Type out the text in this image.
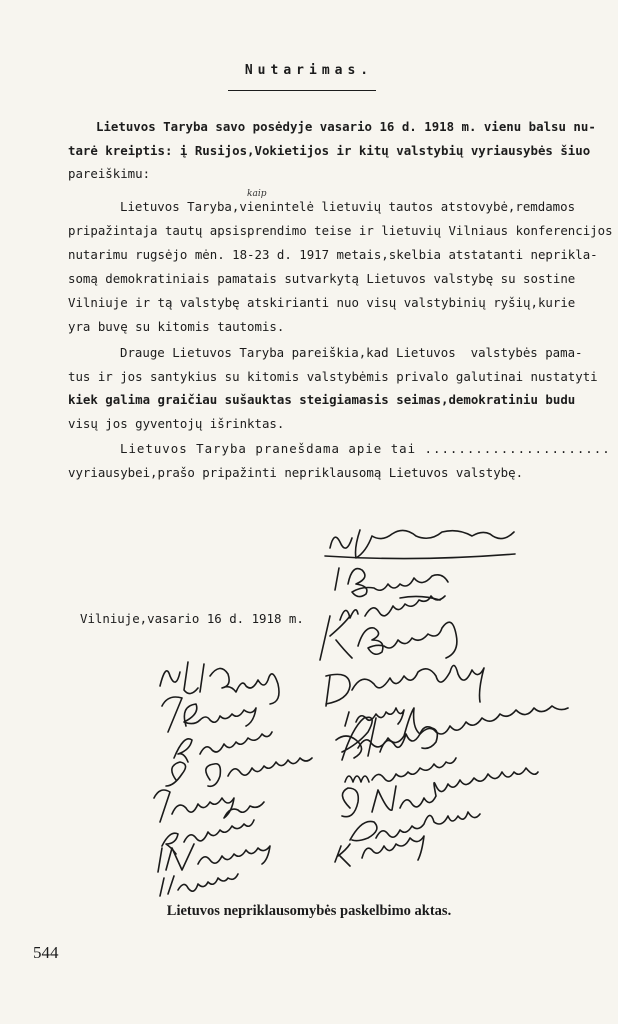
Nutarimas.
Lietuvos Taryba savo posėdyje vasario 16 d. 1918 m. vienu balsu nu-
tarė kreiptis: į Rusijos,Vokietijos ir kitų valstybių vyriausybės šiuo
pareiškimu:
kaip
Lietuvos Taryba,vienintelė lietuvių tautos atstovybė,remdamos
pripažintaja tautų apsisprendimo teise ir lietuvių Vilniaus konferencijos
nutarimu rugsėjo mėn. 18-23 d. 1917 metais,skelbia atstatanti neprikla-
somą demokratiniais pamatais sutvarkytą Lietuvos valstybę su sostine
Vilniuje ir tą valstybę atskirianti nuo visų valstybinių ryšių,kurie
yra buvę su kitomis tautomis.
Drauge Lietuvos Taryba pareiškia,kad Lietuvos  valstybės pama-
tus ir jos santykius su kitomis valstybėmis privalo galutinai nustatyti
kiek galima graičiau sušauktas steigiamasis seimas,demokratiniu budu
visų jos gyventojų išrinktas.
Lietuvos Taryba pranešdama apie tai ......................
vyriausybei,prašo pripažinti nepriklausomą Lietuvos valstybę.
Vilniuje,vasario 16 d. 1918 m.
Lietuvos nepriklausomybės paskelbimo aktas.
544
